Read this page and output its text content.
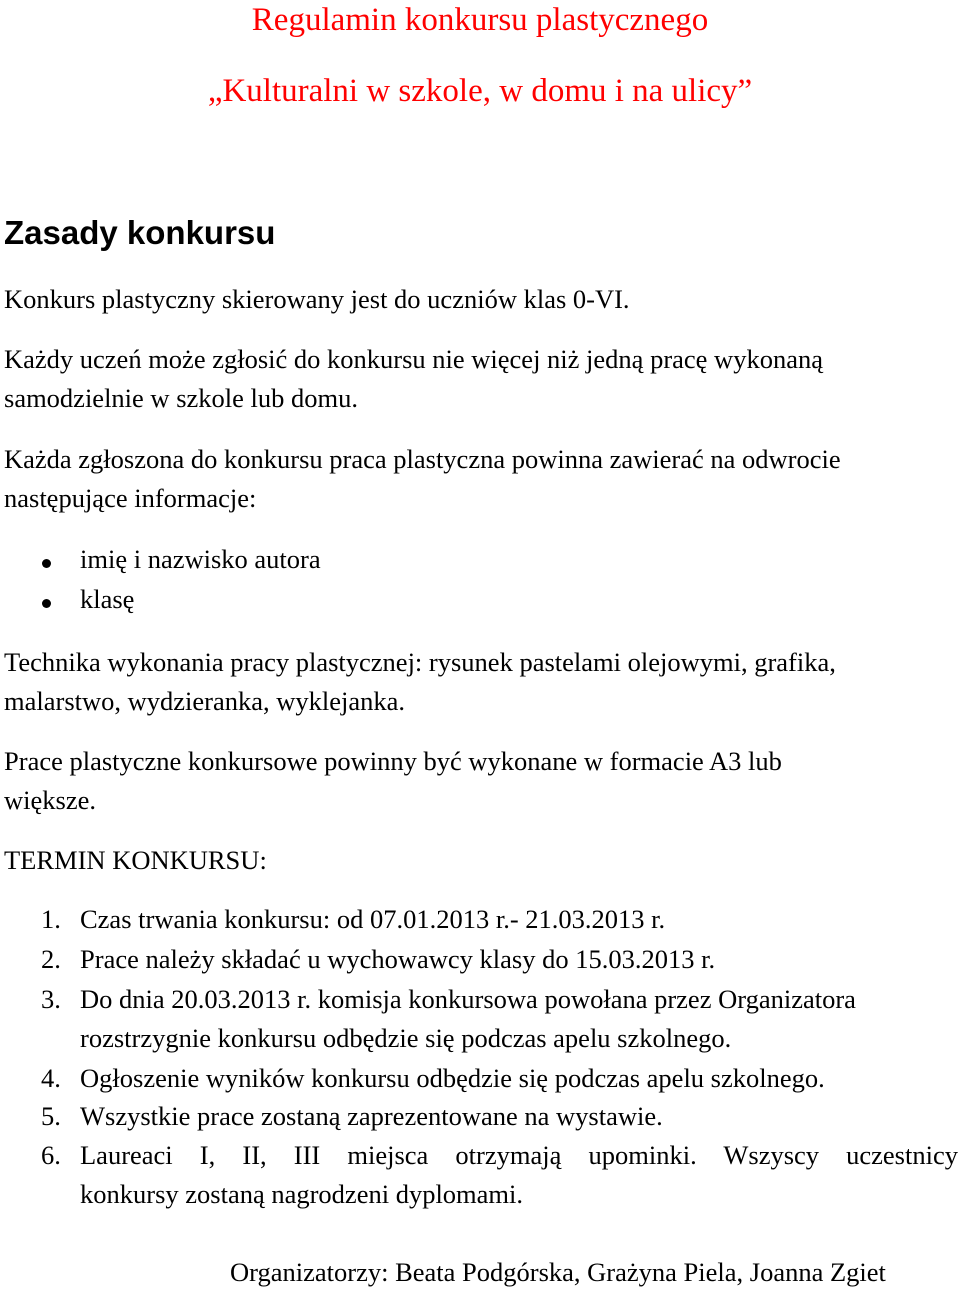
Regulamin konkursu plastycznego
„Kulturalni w szkole, w domu i na ulicy”
Zasady konkursu
Konkurs plastyczny skierowany jest do uczniów klas 0-VI.
Każdy uczeń może zgłosić do konkursu nie więcej niż jedną pracę wykonaną
samodzielnie w szkole lub domu.
Każda zgłoszona do konkursu praca plastyczna powinna zawierać na odwrocie
następujące informacje:
imię i nazwisko autora
klasę
Technika wykonania pracy plastycznej: rysunek pastelami olejowymi, grafika,
malarstwo, wydzieranka, wyklejanka.
Prace plastyczne konkursowe powinny być wykonane w formacie A3 lub
większe.
TERMIN KONKURSU:
1. Czas trwania konkursu: od 07.01.2013 r.- 21.03.2013 r.
2. Prace należy składać u wychowawcy klasy do 15.03.2013 r.
3. Do dnia 20.03.2013 r. komisja konkursowa powołana przez Organizatora
rozstrzygnie konkursu odbędzie się podczas apelu szkolnego.
4. Ogłoszenie wyników konkursu odbędzie się podczas apelu szkolnego.
5. Wszystkie prace zostaną zaprezentowane na wystawie.
6. Laureaci I, II, III miejsca otrzymają upominki. Wszyscy uczestnicy
konkursy zostaną nagrodzeni dyplomami.
Organizatorzy: Beata Podgórska, Grażyna Piela, Joanna Zgiet
